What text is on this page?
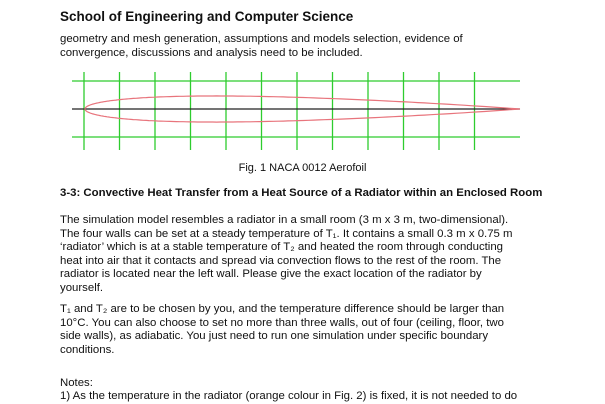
School of Engineering and Computer Science

geometry and mesh generation, assumptions and models selection, evidence of

convergence, discussions and analysis need to be included.

Fig. 1 NACA 0012 Aerofoil
3-3: Convective Heat Transfer from a Heat Source of a Radiator within an Enclosed Room
The simulation model resembles a radiator in a small room (3 m x 3 m, two-dimensional).
The four walls can be set at a steady temperature of T₁. It contains a small 0.3 m x 0.75 m
‘radiator’ which is at a stable temperature of T₂ and heated the room through conducting
heat into air that it contacts and spread via convection flows to the rest of the room. The
radiator is located near the left wall. Please give the exact location of the radiator by
yourself.
T₁ and T₂ are to be chosen by you, and the temperature difference should be larger than
10°C. You can also choose to set no more than three walls, out of four (ceiling, floor, two
side walls), as adiabatic. You just need to run one simulation under specific boundary
conditions.
Notes:
1) As the temperature in the radiator (orange colour in Fig. 2) is fixed, it is not needed to do
